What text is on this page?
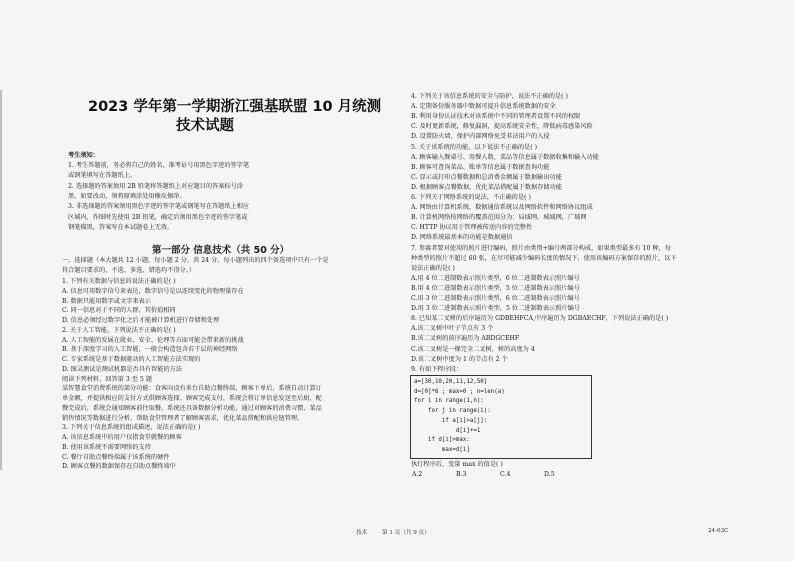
2023 学年第一学期浙江强基联盟 10 月统测
技术试题
考生须知：
1. 考生答题前，务必将自己的姓名、准考证号用黑色字迹的签字笔
或钢笔填写在答题纸上。
2. 选择题的答案须用 2B 铅笔将答题纸上对应题目的答案标号涂
黑，如要改动，须将原填涂处用橡皮擦净。
3. 非选择题的答案须用黑色字迹的签字笔或钢笔写在答题纸上相应
区域内，作图时先使用 2B 铅笔，确定后须用黑色字迹的签字笔或
钢笔描黑，答案写在本试题卷上无效。
第一部分 信息技术（共 50 分）
一、选择题（本大题共 12 小题，每小题 2 分，共 24 分。每小题列出的四个备选项中只有一个是
符合题目要求的，不选、多选、错选均不得分。）
1. 下列有关数据与信息的说法正确的是( )
A. 信息可用数字信号来表达，数字信号是以连续变化的物理量存在
B. 数据只能用数字或文字来表示
C. 同一信息对于不同的人群，其价值相同
D. 信息必须经过数字化之后才能被计算机进行存储和处理
2. 关于人工智能，下列说法不正确的是( )
A. 人工智能的发展在就业、安全、伦理等方面可能会带来新的挑战
B. 基于深度学习的人工智能，一般会构造包含若干层的神经网络
C. 专家系统是基于数据驱动的人工智能方法实现的
D. 图灵测试是测试机器是否具有智能的方法
阅读下列材料，回答第 3 至 5 题
某智慧食堂消费系统的部分功能：食客向设有多台自助点餐终端，顾客下单后，系统自动计算订
单金额，并提供相应的支付方式供顾客选择。顾客完成支付，系统会将订单信息发送至后厨，配
餐完成后，系统会通知顾客前往取餐。系统还具备数据分析功能，通过对顾客的消费习惯、菜品
销售情况等数据进行分析，帮助食堂管理者了解顾客需求，优化菜品搭配和供应链管理。
3. 下列关于信息系统的组成描述，说法正确的是( )
A. 该信息系统中的用户仅指食堂就餐的顾客
B. 使用该系统不需要网络的支持
C. 餐厅自助点餐终端属于该系统的硬件
D. 顾客点餐的数据保存在自助点餐终端中
4. 下列关于该信息系统的安全与防护，说法不正确的是( )
A. 定期备份服务器中数据可提升信息系统数据的安全
B. 利用身份认证技术对该系统中不同的管理者设置不同的权限
C. 及时更新系统，修复漏洞，提高系统安全性，降低病毒感染风险
D. 设置防火墙，保护内部网络免受非法用户的入侵
5. 关于该系统的功能，以下说法不正确的是( )
A. 顾客输入餐桌号、用餐人数、菜品等信息属于数据收集和输入功能
B. 顾客可查询菜品、账单等信息属于数据查询功能
C. 显示或打印点餐数据和总消费金额属于数据输出功能
D. 根据顾客点餐数据，优化菜品搭配属于数据存储功能
6. 下列关于网络系统的说法，不正确的是( )
A. 网络由计算机系统、数据通信系统以及网络软件和网络协议组成
B. 计算机网络按网络的覆盖范围分为：局域网，城域网，广域网
C. HTTP 协议用于管理被传送内容的完整性
D. 网络系统最基本的功能是数据通信
7. 参赛者要对使用的照片进行编码，照片由类别+编号两部分构成，如果类型最多有 10 种，每
种类型的照片不超过 60 张，在尽可能减少编码长度的情况下，使用该编码方案保存的照片，以下
说法正确的是( )
A.用 4 位二进制数表示照片类型，6 位二进制数表示照片编号
B.用 4 位二进制数表示照片类型，5 位二进制数表示照片编号
C.用 3 位二进制数表示照片类型，6 位二进制数表示照片编号
D.用 3 位二进制数表示照片类型，5 位二进制数表示照片编号
8. 已知某二叉树的后序遍历为 GDBEHFCA,中序遍历为 DGBAECHF，下列说法正确的是( )
A.该二叉树中叶子节点有 3 个
B.该二叉树的前序遍历为 ABDGCEHF
C.该二叉树是一棵完全二叉树，树的高度为 4
D.该二叉树中度为 1 的节点有 2 个
9. 有如下程序段：
a=[30,10,20,11,12,50]
d=[0]*6 ; max=0 ; n=len(a)
for i in range(1,n):
for j in range(i):
if a[i]>a[j]:
d[i]+=1
if d[i]>max:
max=d[i]
执行程序后，变量 max 的值是( )
A.2	B.3	C.4	D.5
技术	第 1 页（共 9 页）	24-63C
